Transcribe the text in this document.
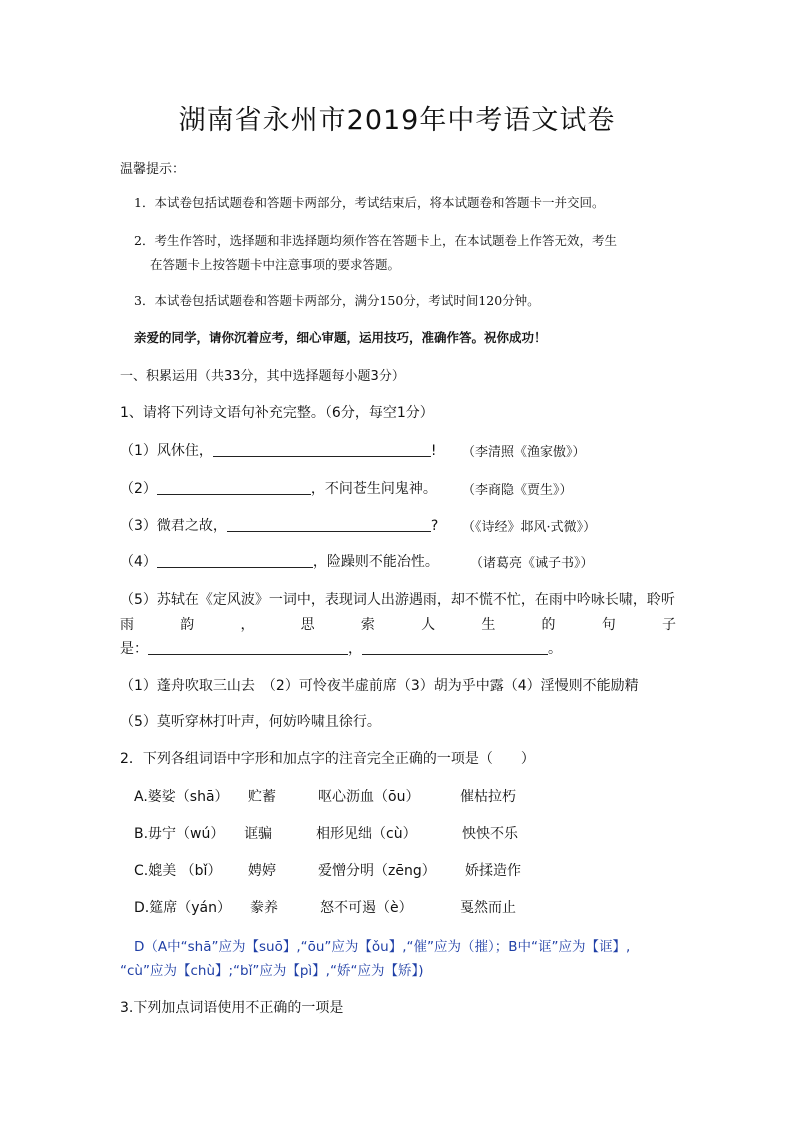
湖南省永州市2019年中考语文试卷
温馨提示：
1．本试卷包括试题卷和答题卡两部分，考试结束后，将本试题卷和答题卡一并交回。
2．考生作答时，选择题和非选择题均须作答在答题卡上，在本试题卷上作答无效，考生
在答题卡上按答题卡中注意事项的要求答题。
3．本试卷包括试题卷和答题卡两部分，满分150分，考试时间120分钟。
亲爱的同学，请你沉着应考，细心审题，运用技巧，准确作答。祝你成功！
一、积累运用（共33分，其中选择题每小题3分）
1、请将下列诗文语句补充完整。（6分，每空1分）
（1）风休住，	! （李清照《渔家傲》）
（2）	，不问苍生问鬼神。 （李商隐《贾生》）
（3）微君之故，	? （《诗经》邶风·式微》）
（4）	，险躁则不能冶性。 （诸葛亮《诫子书》）
（5）苏轼在《定风波》一词中，表现词人出游遇雨，却不慌不忙，在雨中吟咏长啸，聆听
雨	韵	，	思	索	人	生	的	句	子
是：	，	。
（1）蓬舟吹取三山去　（2）可怜夜半虚前席（3）胡为乎中露（4）淫慢则不能励精
（5）莫听穿林打叶声，何妨吟啸且徐行。
2．下列各组词语中字形和加点字的注音完全正确的一项是（　　）
A.婆娑（shā） 贮蓄	呕心沥血（ōu）	催枯拉朽
B.毋宁（wú） 诓骗	相形见绌（cù）	怏怏不乐
C.媲美 （bǐ） 娉婷	爱憎分明（zēng） 娇揉造作
D.筵席（yán） 豢养	怒不可遏（è）	戛然而止
D（A中“shā”应为【suō】,“ōu”应为【ǒu】,“催”应为（摧）；B中“诓”应为【诓】,
“cù”应为【chù】;“bǐ”应为【pì】,“娇“应为【矫】)
3.下列加点词语使用不正确的一项是
